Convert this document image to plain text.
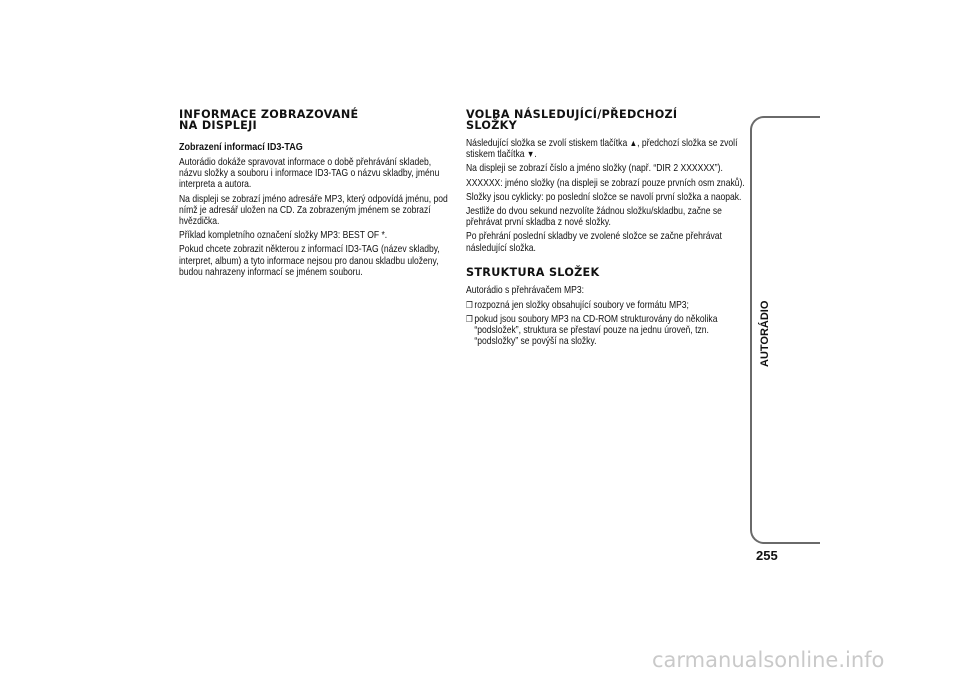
INFORMACE ZOBRAZOVANÉ
NA DISPLEJI
Zobrazení informací ID3-TAG
Autorádio dokáže spravovat informace o době přehrávání skladeb, názvu složky a souboru i informace ID3-TAG o názvu skladby, jménu interpreta a autora.
Na displeji se zobrazí jméno adresáře MP3, který odpovídá jménu, pod nímž je adresář uložen na CD. Za zobrazeným jménem se zobrazí hvězdička.
Příklad kompletního označení složky MP3: BEST OF *.
Pokud chcete zobrazit některou z informací ID3-TAG (název skladby, interpret, album) a tyto informace nejsou pro danou skladbu uloženy, budou nahrazeny informací se jménem souboru.
VOLBA NÁSLEDUJÍCÍ/PŘEDCHOZÍ
SLOŽKY
Následující složka se zvolí stiskem tlačítka ▲, předchozí složka se zvolí stiskem tlačítka ▼.
Na displeji se zobrazí číslo a jméno složky (např. “DIR 2 XXXXXX”).
XXXXXX: jméno složky (na displeji se zobrazí pouze prvních osm znaků).
Složky jsou cyklicky: po poslední složce se navolí první složka a naopak.
Jestliže do dvou sekund nezvolíte žádnou složku/skladbu, začne se přehrávat první skladba z nové složky.
Po přehrání poslední skladby ve zvolené složce se začne přehrávat následující složka.
STRUKTURA SLOŽEK
Autorádio s přehrávačem MP3:
❒ rozpozná jen složky obsahující soubory ve formátu MP3;
❒ pokud jsou soubory MP3 na CD-ROM strukturovány do několika “podsložek”, struktura se přestaví pouze na jednu úroveň, tzn. “podsložky” se povýší na složky.	AUTORÁDIO
255
carmanualsonline.info
